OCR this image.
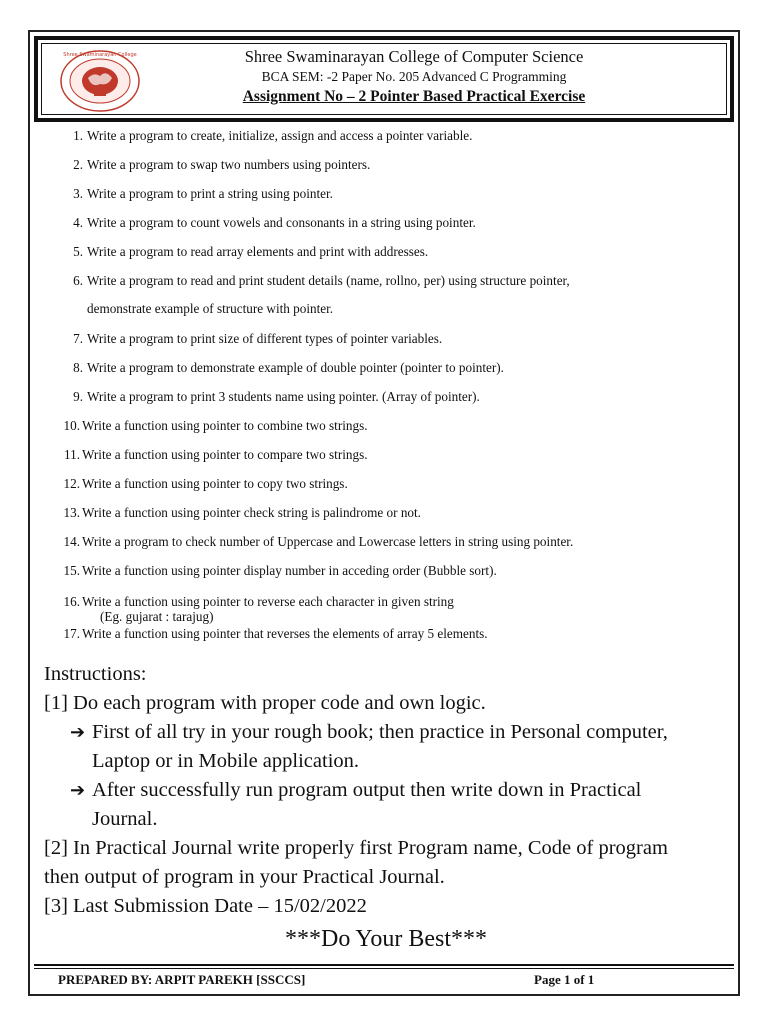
Shree Swaminarayan College	Shree Swaminarayan College of Computer Science
BCA SEM: -2 Paper No. 205 Advanced C Programming
Assignment No – 2 Pointer Based Practical Exercise
1. Write a program to create, initialize, assign and access a pointer variable.
2. Write a program to swap two numbers using pointers.
3. Write a program to print a string using pointer.
4. Write a program to count vowels and consonants in a string using pointer.
5. Write a program to read array elements and print with addresses.
6. Write a program to read and print student details (name, rollno, per) using structure pointer,
demonstrate example of structure with pointer.
7. Write a program to print size of different types of pointer variables.
8. Write a program to demonstrate example of double pointer (pointer to pointer).
9. Write a program to print 3 students name using pointer. (Array of pointer).
10. Write a function using pointer to combine two strings.
11. Write a function using pointer to compare two strings.
12. Write a function using pointer to copy two strings.
13. Write a function using pointer check string is palindrome or not.
14. Write a program to check number of Uppercase and Lowercase letters in string using pointer.
15. Write a function using pointer display number in acceding order (Bubble sort).
16. Write a function using pointer to reverse each character in given string
(Eg. gujarat : tarajug)
17. Write a function using pointer that reverses the elements of array 5 elements.
Instructions:
[1] Do each program with proper code and own logic.
➔ First of all try in your rough book; then practice in Personal computer,
Laptop or in Mobile application.
➔ After successfully run program output then write down in Practical
Journal.
[2] In Practical Journal write properly first Program name, Code of program
then output of program in your Practical Journal.
[3] Last Submission Date – 15/02/2022
***Do Your Best***
PREPARED BY: ARPIT PAREKH [SSCCS]	Page 1 of 1
